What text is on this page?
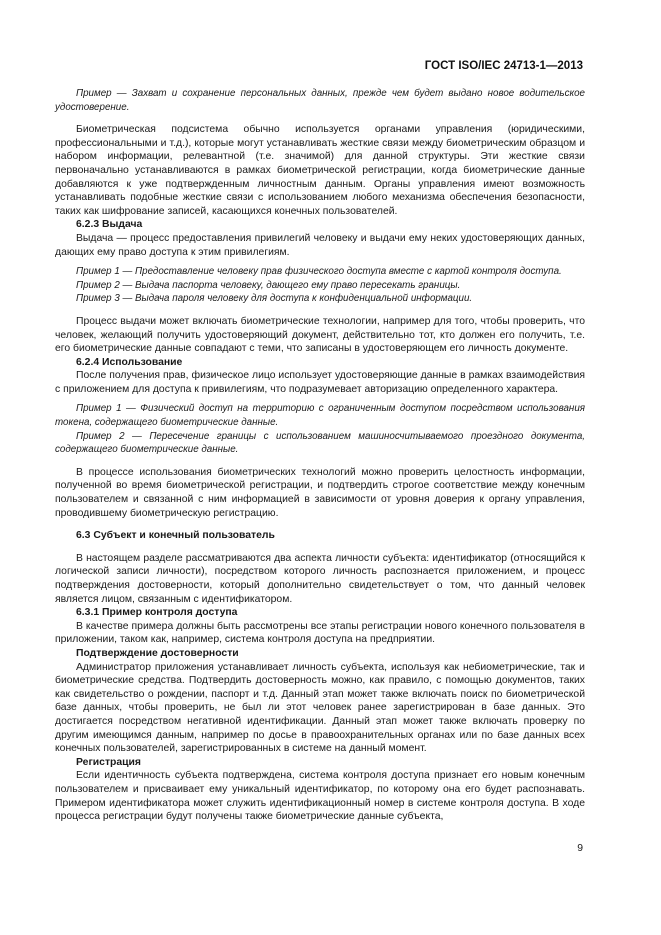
ГОСТ ISO/IEC 24713-1—2013

Пример — Захват и сохранение персональных данных, прежде чем будет выдано новое водительское удостоверение.

Биометрическая подсистема обычно используется органами управления (юридическими, профессиональными и т.д.), которые могут устанавливать жесткие связи между биометрическим образцом и набором информации, релевантной (т.е. значимой) для данной структуры. Эти жесткие связи первоначально устанавливаются в рамках биометрической регистрации, когда биометрические данные добавляются к уже подтвержденным личностным данным. Органы управления имеют возможность устанавливать подобные жесткие связи с использованием любого механизма обеспечения безопасности, таких как шифрование записей, касающихся конечных пользователей.

6.2.3 Выдача

Выдача — процесс предоставления привилегий человеку и выдачи ему неких удостоверяющих данных, дающих ему право доступа к этим привилегиям.

Пример 1 — Предоставление человеку прав физического доступа вместе с картой контроля доступа.

Пример 2 — Выдача паспорта человеку, дающего ему право пересекать границы.

Пример 3 — Выдача пароля человеку для доступа к конфиденциальной информации.

Процесс выдачи может включать биометрические технологии, например для того, чтобы проверить, что человек, желающий получить удостоверяющий документ, действительно тот, кто должен его получить, т.е. его биометрические данные совпадают с теми, что записаны в удостоверяющем его личность документе.

6.2.4 Использование

После получения прав, физическое лицо использует удостоверяющие данные в рамках взаимодействия с приложением для доступа к привилегиям, что подразумевает авторизацию определенного характера.

Пример 1 — Физический доступ на территорию с ограниченным доступом посредством использования токена, содержащего биометрические данные.

Пример 2 — Пересечение границы с использованием машиносчитываемого проездного документа, содержащего биометрические данные.

В процессе использования биометрических технологий можно проверить целостность информации, полученной во время биометрической регистрации, и подтвердить строгое соответствие между конечным пользователем и связанной с ним информацией в зависимости от уровня доверия к органу управления, проводившему биометрическую регистрацию.

6.3 Субъект и конечный пользователь

В настоящем разделе рассматриваются два аспекта личности субъекта: идентификатор (относящийся к логической записи личности), посредством которого личность распознается приложением, и процесс подтверждения достоверности, который дополнительно свидетельствует о том, что данный человек является лицом, связанным с идентификатором.

6.3.1 Пример контроля доступа

В качестве примера должны быть рассмотрены все этапы регистрации нового конечного пользователя в приложении, таком как, например, система контроля доступа на предприятии.

Подтверждение достоверности

Администратор приложения устанавливает личность субъекта, используя как небиометрические, так и биометрические средства. Подтвердить достоверность можно, как правило, с помощью документов, таких как свидетельство о рождении, паспорт и т.д. Данный этап может также включать поиск по биометрической базе данных, чтобы проверить, не был ли этот человек ранее зарегистрирован в базе данных. Это достигается посредством негативной идентификации. Данный этап может также включать проверку по другим имеющимся данным, например по досье в правоохранительных органах или по базе данных всех конечных пользователей, зарегистрированных в системе на данный момент.

Регистрация

Если идентичность субъекта подтверждена, система контроля доступа признает его новым конечным пользователем и присваивает ему уникальный идентификатор, по которому она его будет распознавать. Примером идентификатора может служить идентификационный номер в системе контроля доступа. В ходе процесса регистрации будут получены также биометрические данные субъекта,

9
